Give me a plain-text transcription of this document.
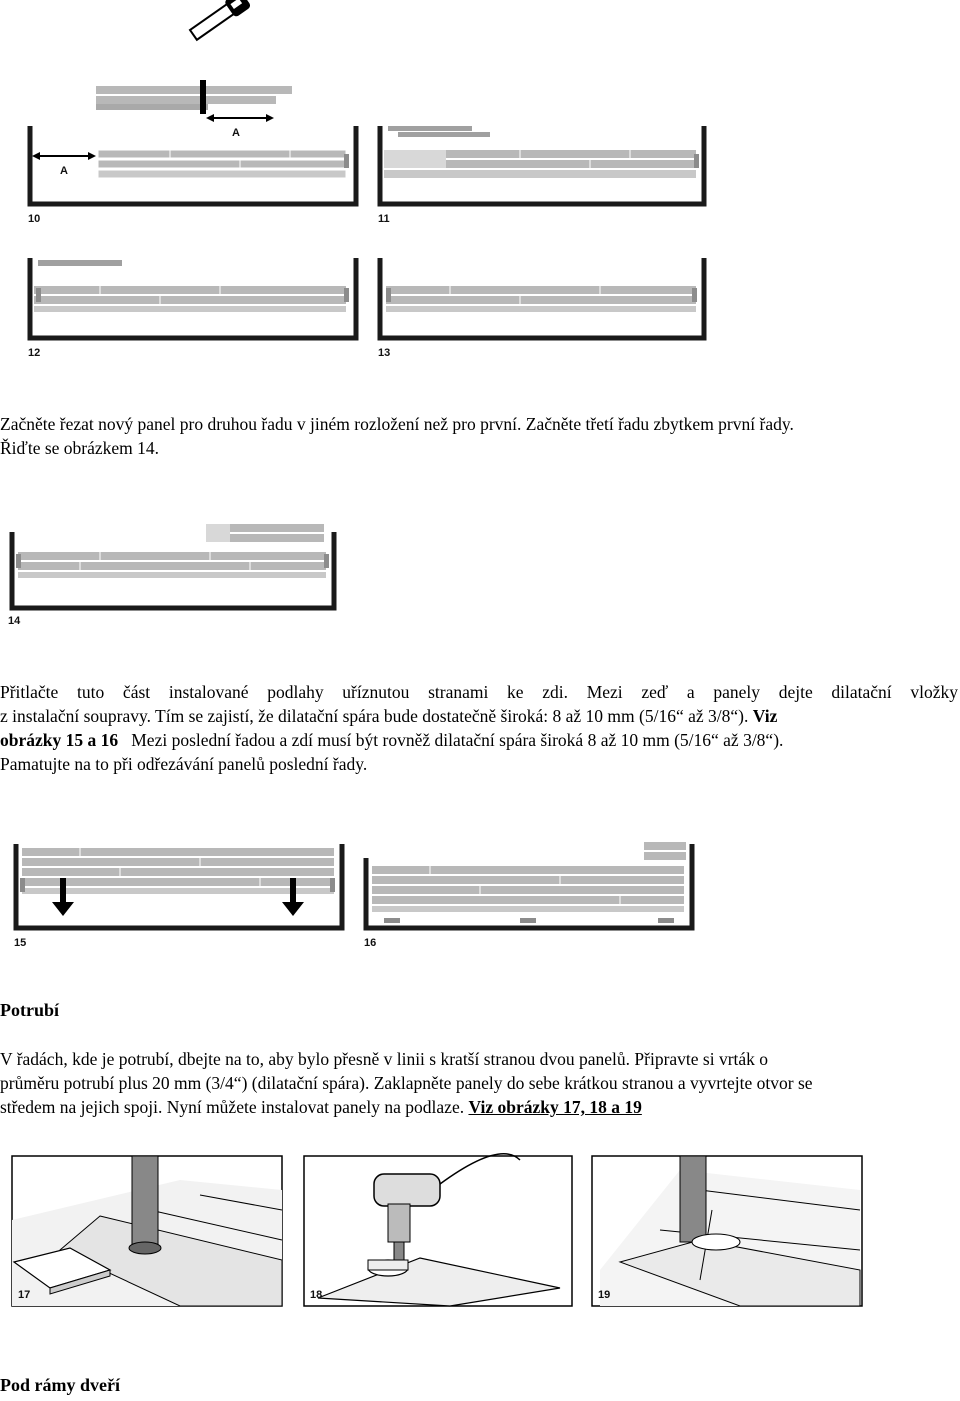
A
A
10	11
12	13

Začněte řezat nový panel pro druhou řadu v jiném rozložení než pro první. Začněte třetí řadu zbytkem první řady.
Řiďte se obrázkem 14.

14

Přitlačte tuto část instalované podlahy uříznutou stranami ke zdi. Mezi zeď a panely dejte dilatační vložky
z instalační soupravy. Tím se zajistí, že dilatační spára bude dostatečně široká: 8 až 10 mm (5/16“ až 3/8“). Viz
obrázky 15 a 16 Mezi poslední řadou a zdí musí být rovněž dilatační spára široká 8 až 10 mm (5/16“ až 3/8“).
Pamatujte na to při odřezávání panelů poslední řady.

15	16
Potrubí

V řadách, kde je potrubí, dbejte na to, aby bylo přesně v linii s kratší stranou dvou panelů. Připravte si vrták o
průměru potrubí plus 20 mm (3/4“) (dilatační spára). Zaklapněte panely do sebe krátkou stranou a vyvrtejte otvor se
středem na jejich spoji. Nyní můžete instalovat panely na podlaze. Viz obrázky 17, 18 a 19

17	18	19
Pod rámy dveří
